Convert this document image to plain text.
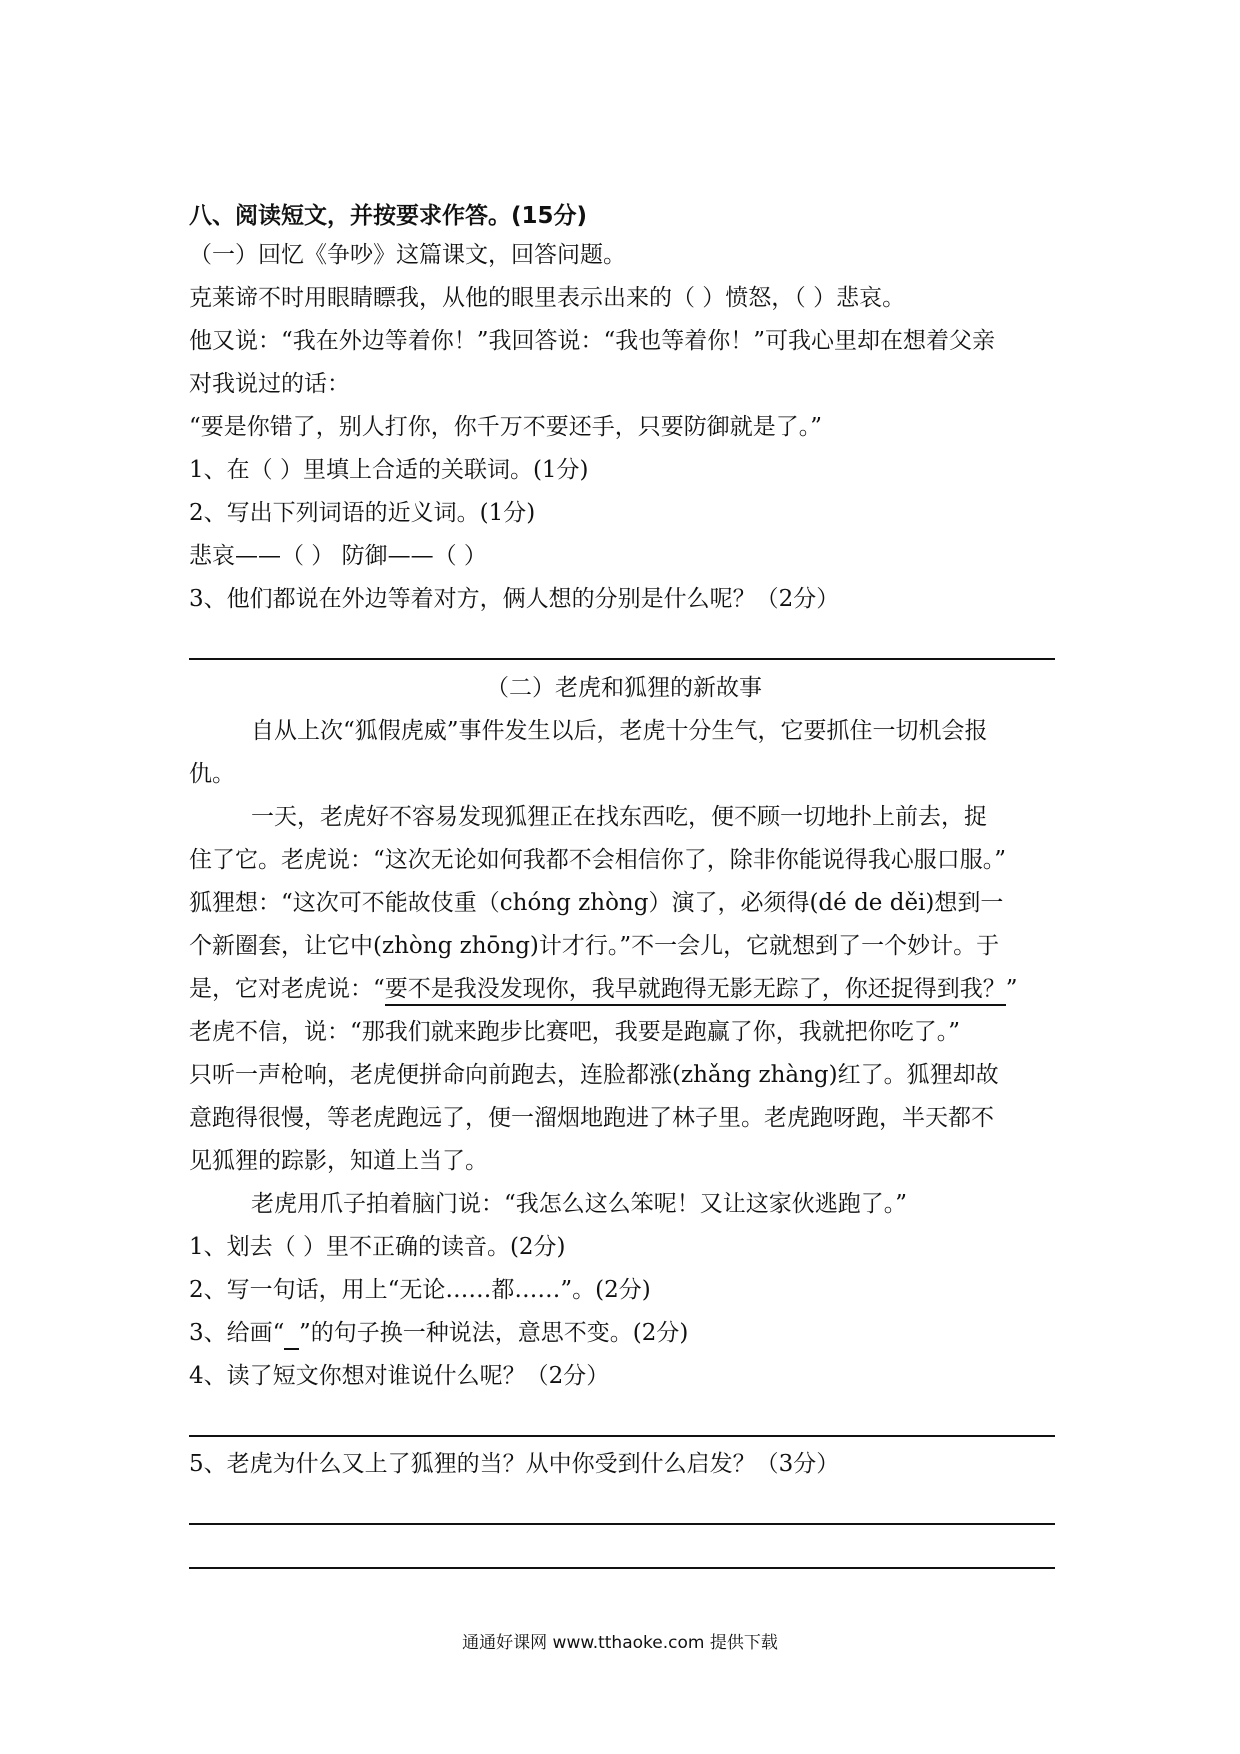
八、阅读短文，并按要求作答。(15分)
（一）回忆《争吵》这篇课文，回答问题。
克莱谛不时用眼睛瞟我，从他的眼里表示出来的（ ）愤怒，（ ）悲哀。
他又说：“我在外边等着你！”我回答说：“我也等着你！”可我心里却在想着父亲
对我说过的话：
“要是你错了，别人打你，你千万不要还手，只要防御就是了。”
1、在（ ）里填上合适的关联词。(1分)
2、写出下列词语的近义词。(1分)
悲哀——（ ） 防御——（ ）
3、他们都说在外边等着对方，俩人想的分别是什么呢？（2分）
（二）老虎和狐狸的新故事
自从上次“狐假虎威”事件发生以后，老虎十分生气，它要抓住一切机会报
仇。
一天，老虎好不容易发现狐狸正在找东西吃，便不顾一切地扑上前去，捉
住了它。老虎说：“这次无论如何我都不会相信你了，除非你能说得我心服口服。”
狐狸想：“这次可不能故伎重（chóng zhòng）演了，必须得(dé de děi)想到一
个新圈套，让它中(zhòng zhōng)计才行。”不一会儿，它就想到了一个妙计。于
是，它对老虎说：“要不是我没发现你，我早就跑得无影无踪了，你还捉得到我？”
老虎不信，说：“那我们就来跑步比赛吧，我要是跑赢了你，我就把你吃了。”
只听一声枪响，老虎便拼命向前跑去，连脸都涨(zhǎng zhàng)红了。狐狸却故
意跑得很慢，等老虎跑远了，便一溜烟地跑进了林子里。老虎跑呀跑，半天都不
见狐狸的踪影，知道上当了。
老虎用爪子拍着脑门说：“我怎么这么笨呢！又让这家伙逃跑了。”
1、划去（ ）里不正确的读音。(2分)
2、写一句话，用上“无论……都……”。(2分)
3、给画“ ”的句子换一种说法，意思不变。(2分)
4、读了短文你想对谁说什么呢？（2分）
5、老虎为什么又上了狐狸的当？从中你受到什么启发？（3分）
通通好课网 www.tthaoke.com 提供下载
